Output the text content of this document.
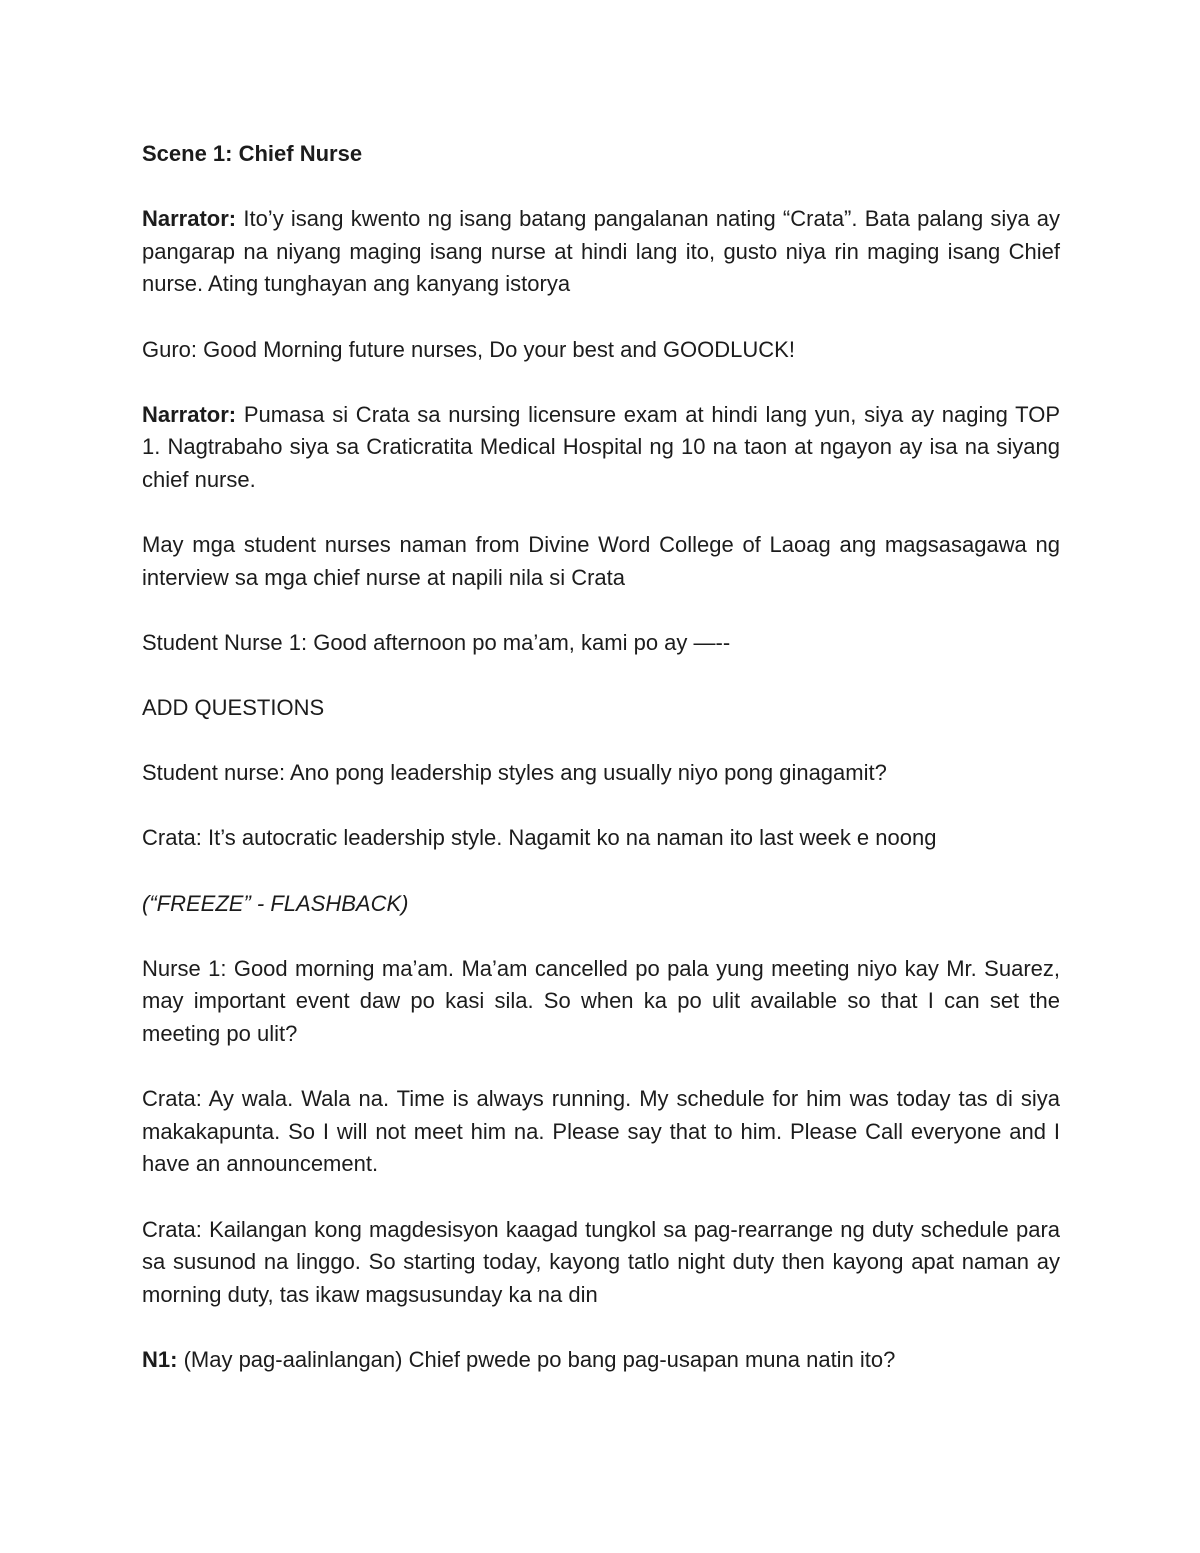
Scene 1: Chief Nurse

Narrator: Ito’y isang kwento ng isang batang pangalanan nating “Crata”. Bata palang siya ay pangarap na niyang maging isang nurse at hindi lang ito, gusto niya rin maging isang Chief nurse. Ating tunghayan ang kanyang istorya

Guro: Good Morning future nurses, Do your best and GOODLUCK!

Narrator: Pumasa si Crata sa nursing licensure exam at hindi lang yun, siya ay naging TOP 1. Nagtrabaho siya sa Craticratita Medical Hospital ng 10 na taon at ngayon ay isa na siyang chief nurse.

May mga student nurses naman from Divine Word College of Laoag ang magsasagawa ng interview sa mga chief nurse at napili nila si Crata

Student Nurse 1: Good afternoon po ma’am, kami po ay —--

ADD QUESTIONS

Student nurse: Ano pong leadership styles ang usually niyo pong ginagamit?

Crata: It’s autocratic leadership style. Nagamit ko na naman ito last week e noong

(“FREEZE” - FLASHBACK)

Nurse 1: Good morning ma’am. Ma’am cancelled po pala yung meeting niyo kay Mr. Suarez, may important event daw po kasi sila. So when ka po ulit available so that I can set the meeting po ulit?

Crata: Ay wala. Wala na. Time is always running. My schedule for him was today tas di siya makakapunta. So I will not meet him na. Please say that to him. Please Call everyone and I have an announcement.

Crata: Kailangan kong magdesisyon kaagad tungkol sa pag-rearrange ng duty schedule para sa susunod na linggo. So starting today, kayong tatlo night duty then kayong apat naman ay morning duty, tas ikaw magsusunday ka na din

N1: (May pag-aalinlangan) Chief pwede po bang pag-usapan muna natin ito?
